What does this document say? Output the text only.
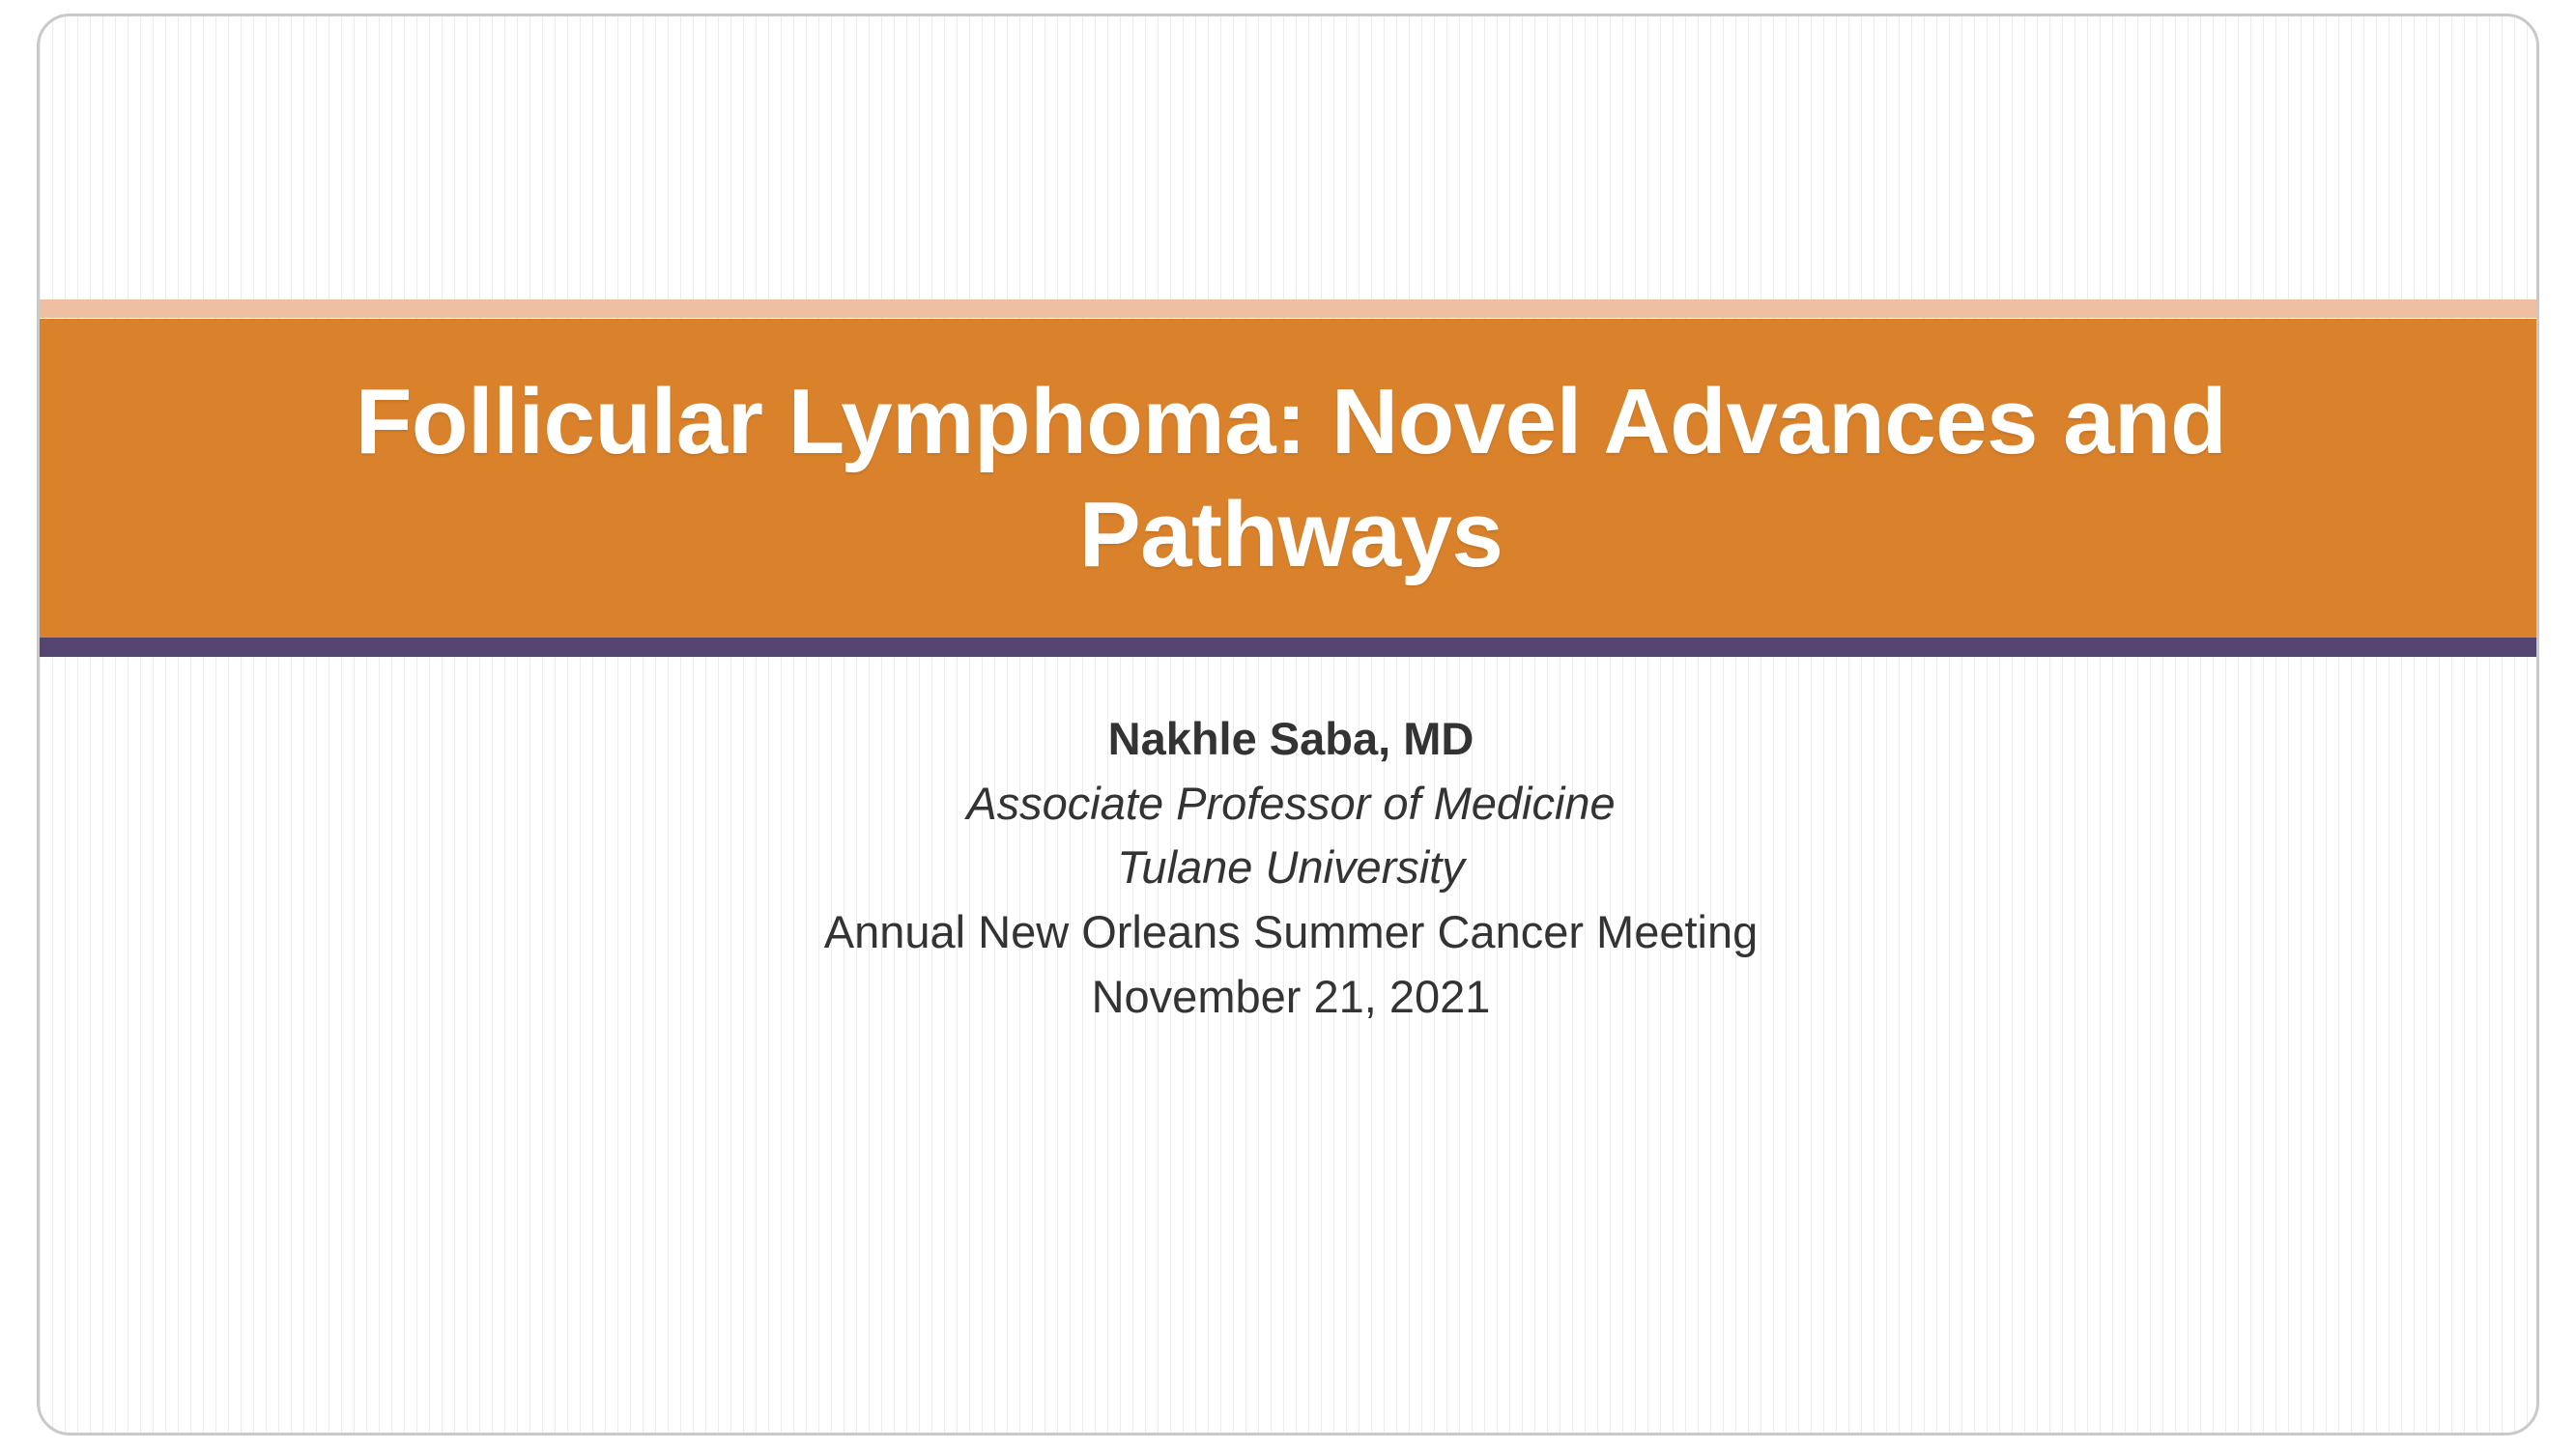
Follicular Lymphoma: Novel Advances and Pathways
Nakhle Saba, MD
Associate Professor of Medicine
Tulane University
Annual New Orleans Summer Cancer Meeting
November 21, 2021
